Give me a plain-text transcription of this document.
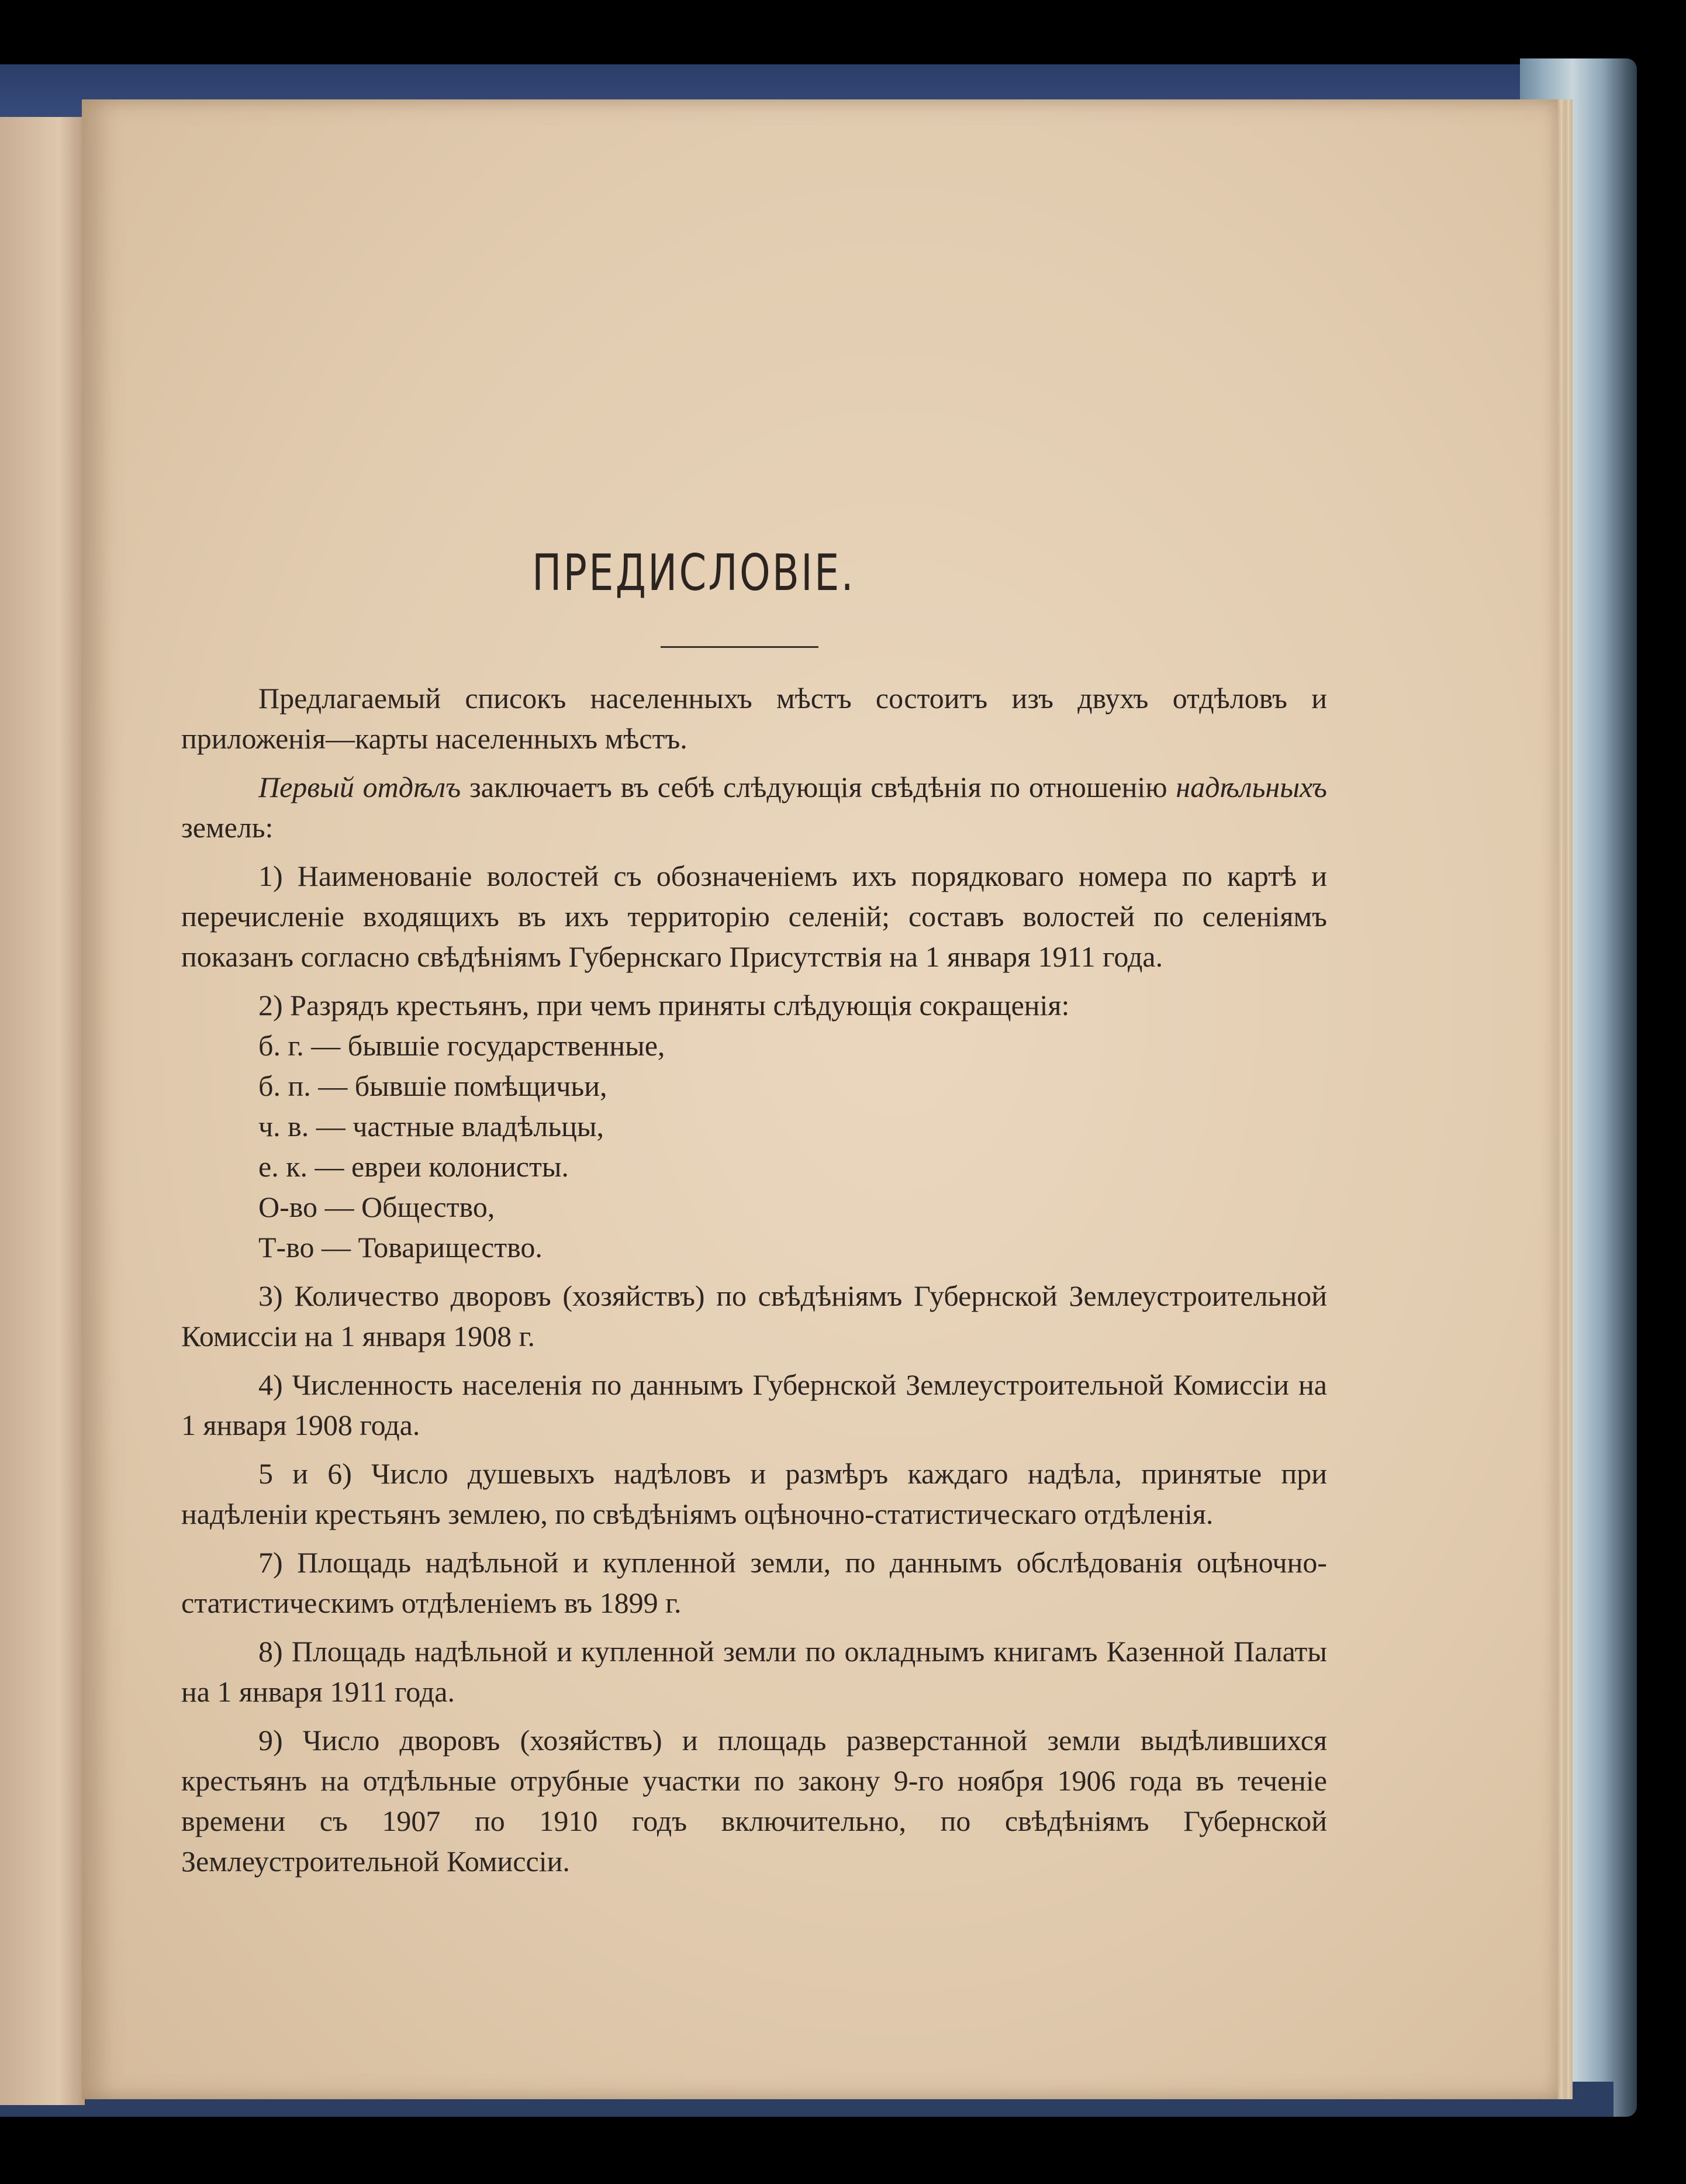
ПРЕДИСЛОВІЕ.

Предлагаемый списокъ населенныхъ мѣстъ состоитъ изъ двухъ отдѣловъ и приложенія—карты населенныхъ мѣстъ.

Первый отдѣлъ заключаетъ въ себѣ слѣдующія свѣдѣнія по отношенію надѣльныхъ земель:

1) Наименованіе волостей съ обозначеніемъ ихъ порядковаго номера по картѣ и перечисленіе входящихъ въ ихъ территорію селеній; составъ волостей по селеніямъ показанъ согласно свѣдѣніямъ Губернскаго Присутствія на 1 января 1911 года.

2) Разрядъ крестьянъ, при чемъ приняты слѣдующія сокращенія:

б. г. — бывшіе государственные,
б. п. — бывшіе помѣщичьи,
ч. в. — частные владѣльцы,
е. к. — евреи колонисты.
О-во — Общество,
Т-во — Товарищество.

3) Количество дворовъ (хозяйствъ) по свѣдѣніямъ Губернской Землеустроительной Комиссіи на 1 января 1908 г.

4) Численность населенія по даннымъ Губернской Землеустроительной Комиссіи на 1 января 1908 года.

5 и 6) Число душевыхъ надѣловъ и размѣръ каждаго надѣла, принятые при надѣленіи крестьянъ землею, по свѣдѣніямъ оцѣночно-статистическаго отдѣленія.

7) Площадь надѣльной и купленной земли, по даннымъ обслѣдованія оцѣночно-статистическимъ отдѣленіемъ въ 1899 г.

8) Площадь надѣльной и купленной земли по окладнымъ книгамъ Казенной Палаты на 1 января 1911 года.

9) Число дворовъ (хозяйствъ) и площадь разверстанной земли выдѣлившихся крестьянъ на отдѣльные отрубные участки по закону 9-го ноября 1906 года въ теченіе времени съ 1907 по 1910 годъ включительно, по свѣдѣніямъ Губернской Землеустроительной Комиссіи.
